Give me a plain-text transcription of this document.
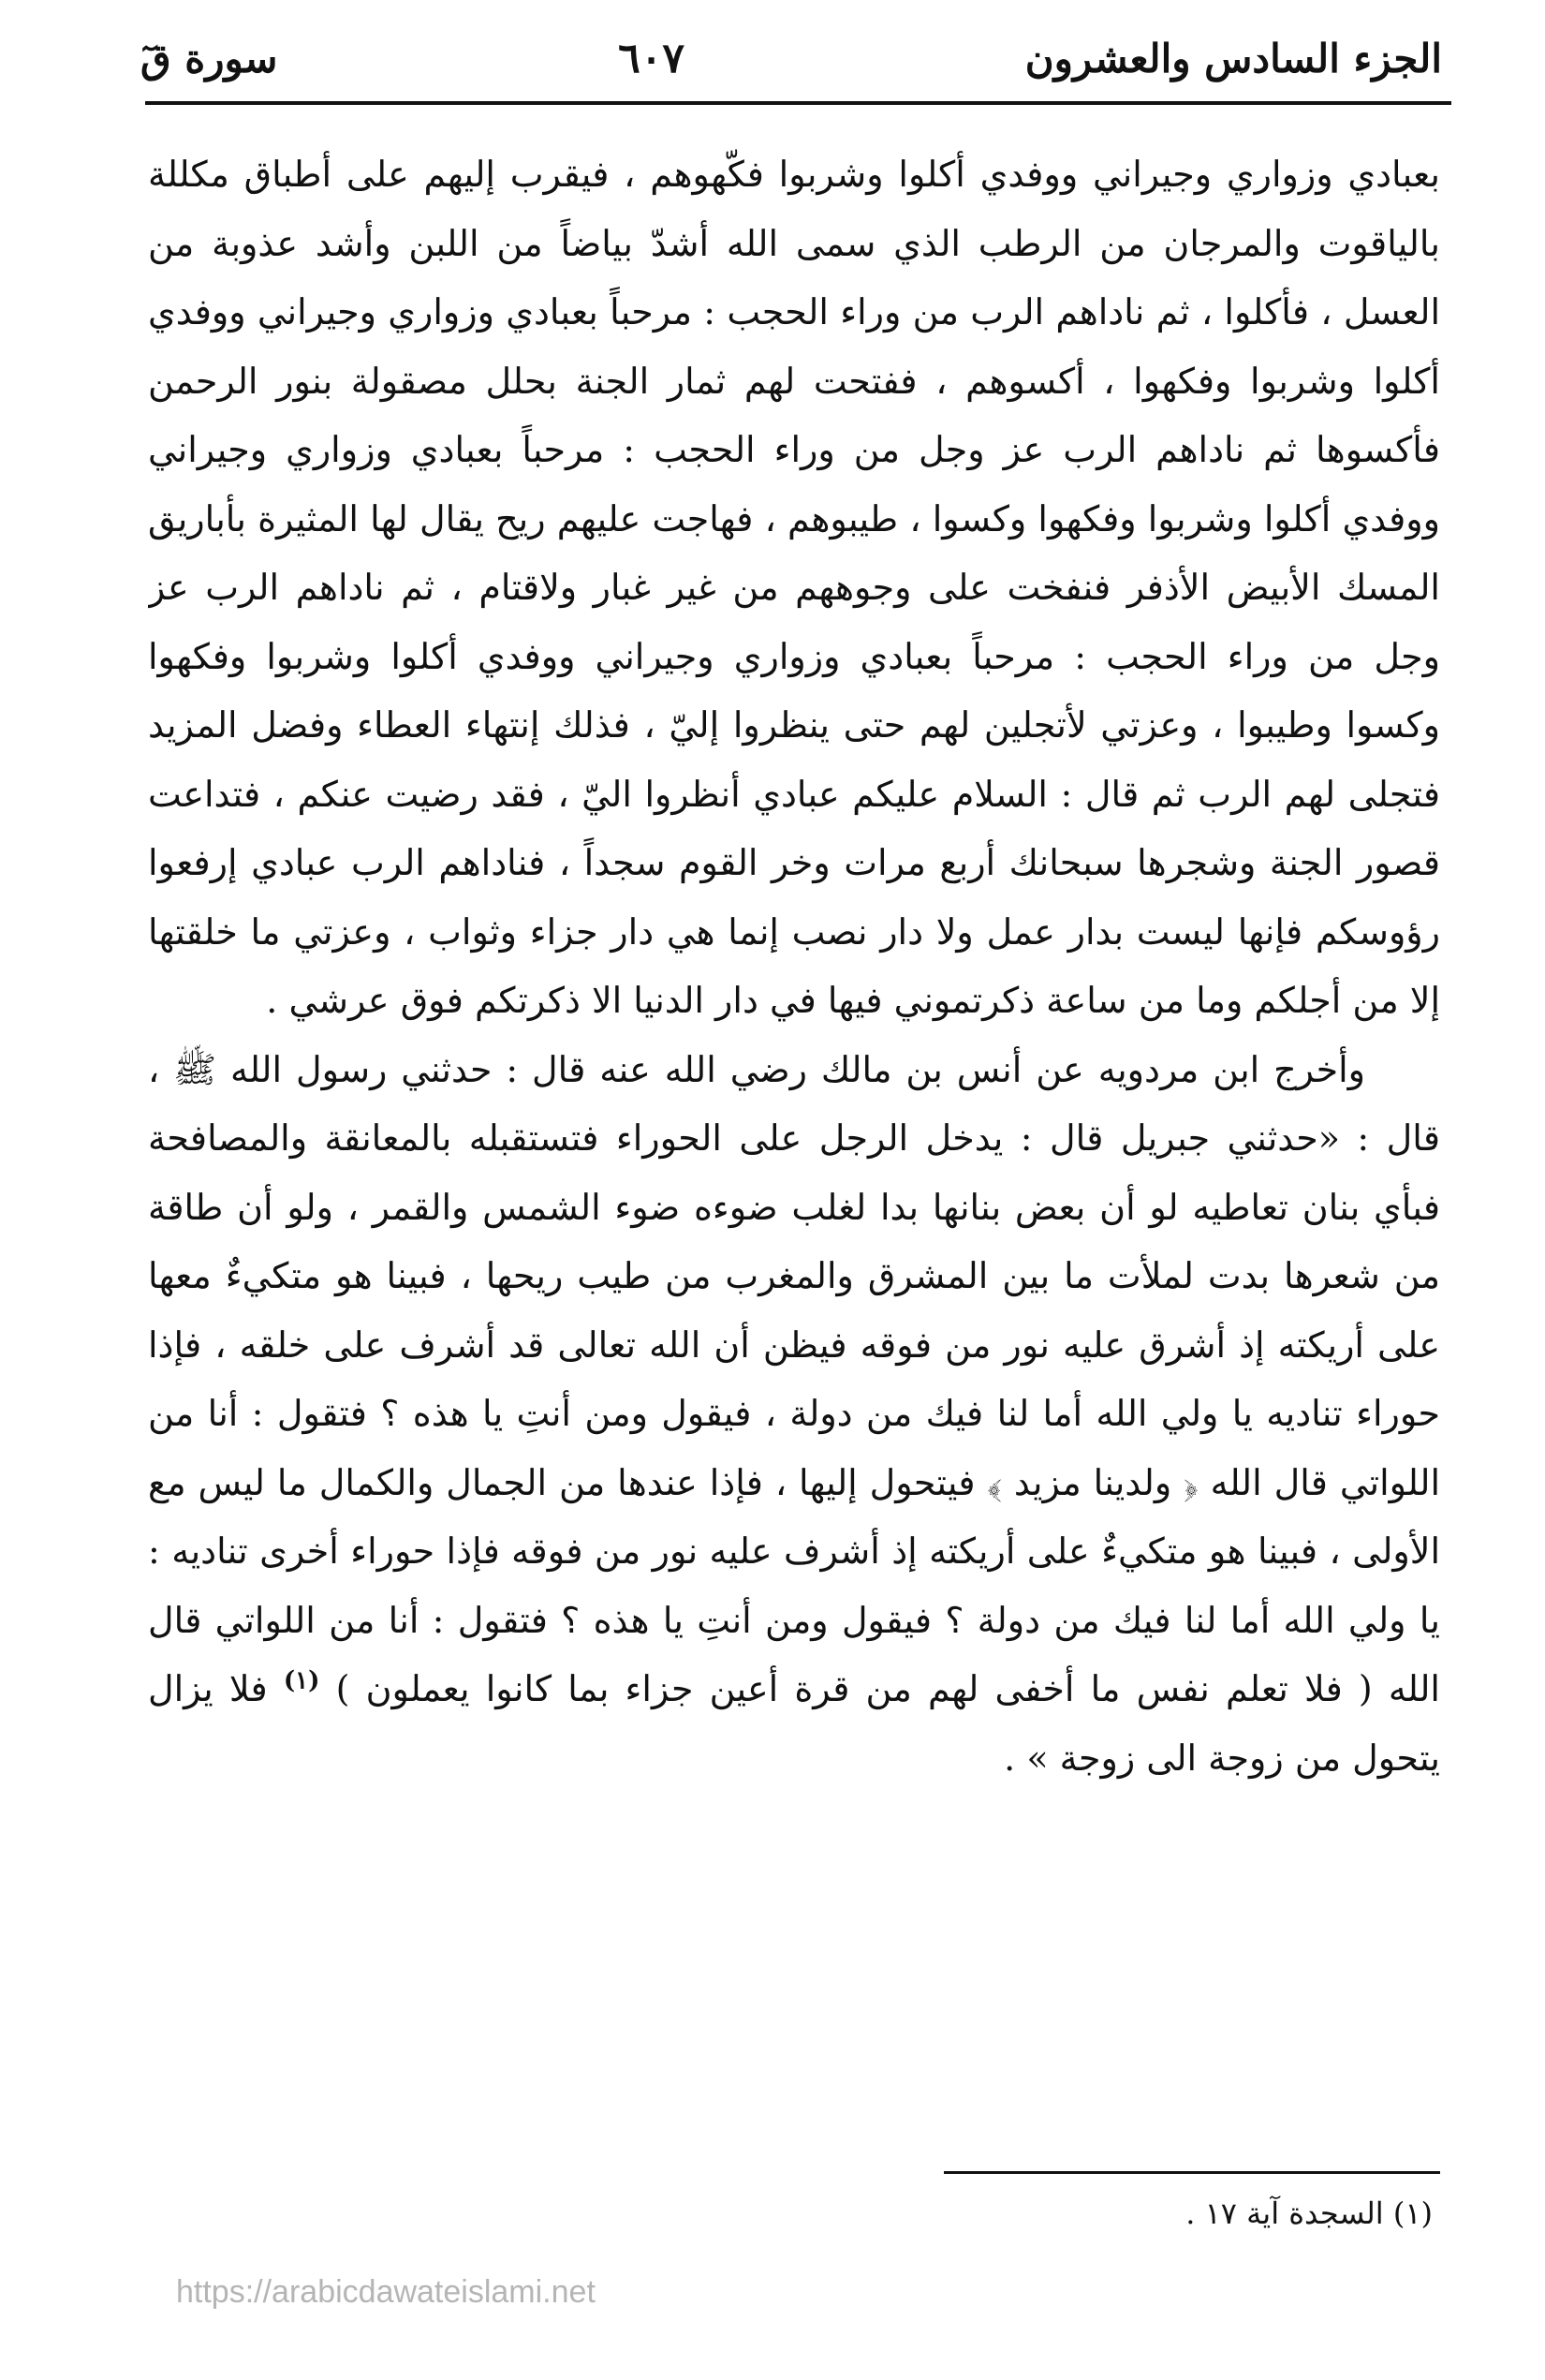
الجزء السادس والعشرون
٦٠٧
سورة قٓ

بعبادي وزواري وجيراني ووفدي أكلوا وشربوا فكّهوهم ، فيقرب إليهم على أطباق مكللة بالياقوت والمرجان من الرطب الذي سمى الله أشدّ بياضاً من اللبن وأشد عذوبة من العسل ، فأكلوا ، ثم ناداهم الرب من وراء الحجب : مرحباً بعبادي وزواري وجيراني ووفدي أكلوا وشربوا وفكهوا ، أكسوهم ، ففتحت لهم ثمار الجنة بحلل مصقولة بنور الرحمن فأكسوها ثم ناداهم الرب عز وجل من وراء الحجب : مرحباً بعبادي وزواري وجيراني ووفدي أكلوا وشربوا وفكهوا وكسوا ، طيبوهم ، فهاجت عليهم ريح يقال لها المثيرة بأباريق المسك الأبيض الأذفر فنفخت على وجوههم من غير غبار ولاقتام ، ثم ناداهم الرب عز وجل من وراء الحجب : مرحباً بعبادي وزواري وجيراني ووفدي أكلوا وشربوا وفكهوا وكسوا وطيبوا ، وعزتي لأتجلين لهم حتى ينظروا إليّ ، فذلك إنتهاء العطاء وفضل المزيد فتجلى لهم الرب ثم قال : السلام عليكم عبادي أنظروا اليّ ، فقد رضيت عنكم ، فتداعت قصور الجنة وشجرها سبحانك أربع مرات وخر القوم سجداً ، فناداهم الرب عبادي إرفعوا رؤوسكم فإنها ليست بدار عمل ولا دار نصب إنما هي دار جزاء وثواب ، وعزتي ما خلقتها إلا من أجلكم وما من ساعة ذكرتموني فيها في دار الدنيا الا ذكرتكم فوق عرشي .

وأخرج ابن مردويه عن أنس بن مالك رضي الله عنه قال : حدثني رسول الله ﷺ ، قال : «حدثني جبريل قال : يدخل الرجل على الحوراء فتستقبله بالمعانقة والمصافحة فبأي بنان تعاطيه لو أن بعض بنانها بدا لغلب ضوءه ضوء الشمس والقمر ، ولو أن طاقة من شعرها بدت لملأت ما بين المشرق والمغرب من طيب ريحها ، فبينا هو متكيءٌ معها على أريكته إذ أشرق عليه نور من فوقه فيظن أن الله تعالى قد أشرف على خلقه ، فإذا حوراء تناديه يا ولي الله أما لنا فيك من دولة ، فيقول ومن أنتِ يا هذه ؟ فتقول : أنا من اللواتي قال الله ﴿ ولدينا مزيد ﴾ فيتحول إليها ، فإذا عندها من الجمال والكمال ما ليس مع الأولى ، فبينا هو متكيءٌ على أريكته إذ أشرف عليه نور من فوقه فإذا حوراء أخرى تناديه : يا ولي الله أما لنا فيك من دولة ؟ فيقول ومن أنتِ يا هذه ؟ فتقول : أنا من اللواتي قال الله ( فلا تعلم نفس ما أخفى لهم من قرة أعين جزاء بما كانوا يعملون ) $^{(١)}$ فلا يزال يتحول من زوجة الى زوجة » .

(١) السجدة آية ١٧ .
https://arabicdawateislami.net
